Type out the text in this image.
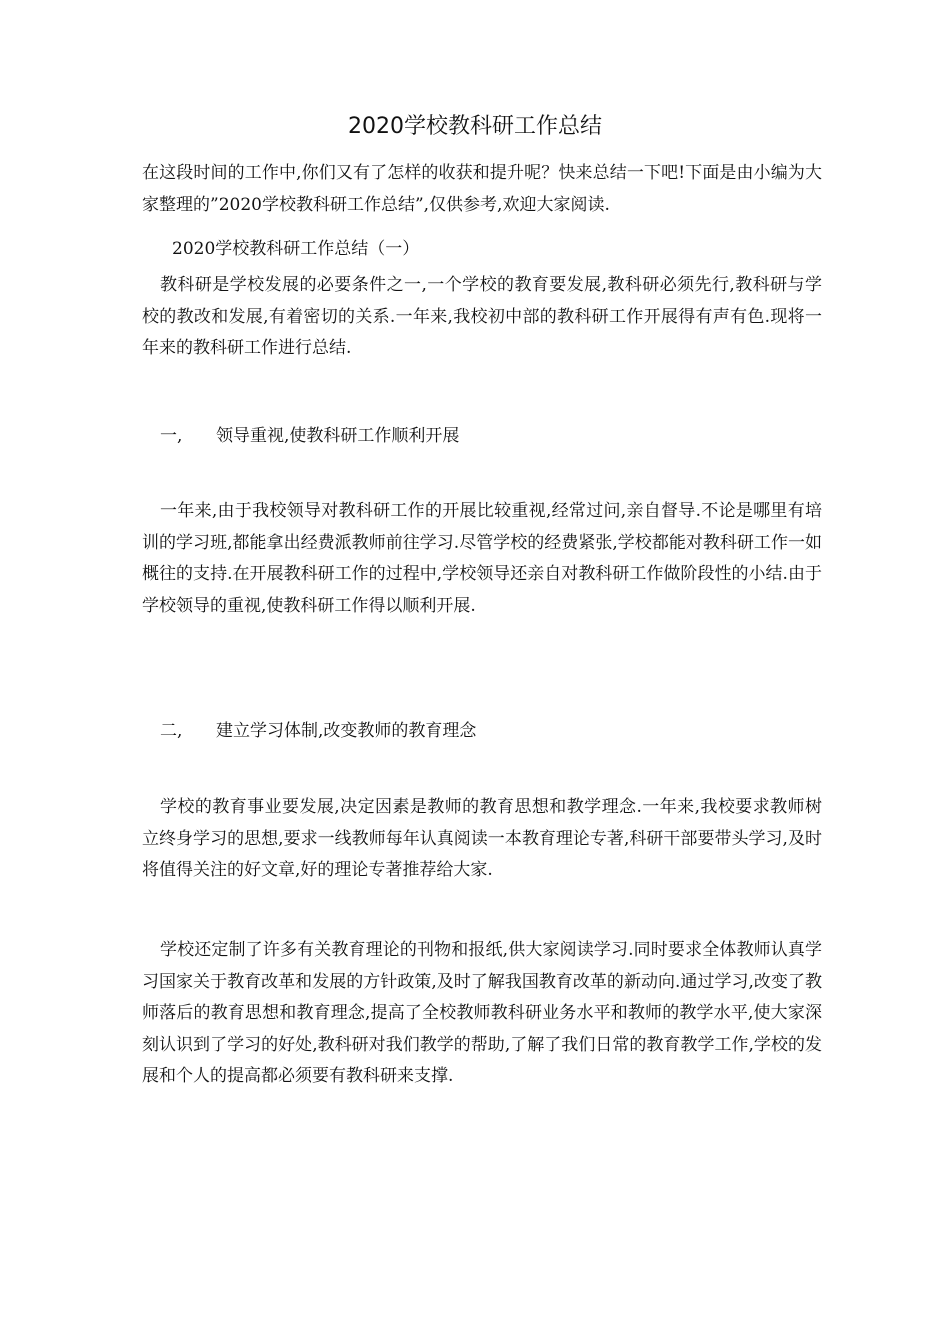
2020学校教科研工作总结

在这段时间的工作中,你们又有了怎样的收获和提升呢？快来总结一下吧!下面是由小编为大家整理的”2020学校教科研工作总结”,仅供参考,欢迎大家阅读.

2020学校教科研工作总结（一）

教科研是学校发展的必要条件之一,一个学校的教育要发展,教科研必须先行,教科研与学校的教改和发展,有着密切的关系.一年来,我校初中部的教科研工作开展得有声有色.现将一年来的教科研工作进行总结.

一, 领导重视,使教科研工作顺利开展

一年来,由于我校领导对教科研工作的开展比较重视,经常过问,亲自督导.不论是哪里有培训的学习班,都能拿出经费派教师前往学习.尽管学校的经费紧张,学校都能对教科研工作一如概往的支持.在开展教科研工作的过程中,学校领导还亲自对教科研工作做阶段性的小结.由于学校领导的重视,使教科研工作得以顺利开展.

二, 建立学习体制,改变教师的教育理念

学校的教育事业要发展,决定因素是教师的教育思想和教学理念.一年来,我校要求教师树立终身学习的思想,要求一线教师每年认真阅读一本教育理论专著,科研干部要带头学习,及时将值得关注的好文章,好的理论专著推荐给大家.

学校还定制了许多有关教育理论的刊物和报纸,供大家阅读学习.同时要求全体教师认真学习国家关于教育改革和发展的方针政策,及时了解我国教育改革的新动向.通过学习,改变了教师落后的教育思想和教育理念,提高了全校教师教科研业务水平和教师的教学水平,使大家深刻认识到了学习的好处,教科研对我们教学的帮助,了解了我们日常的教育教学工作,学校的发展和个人的提高都必须要有教科研来支撑.
